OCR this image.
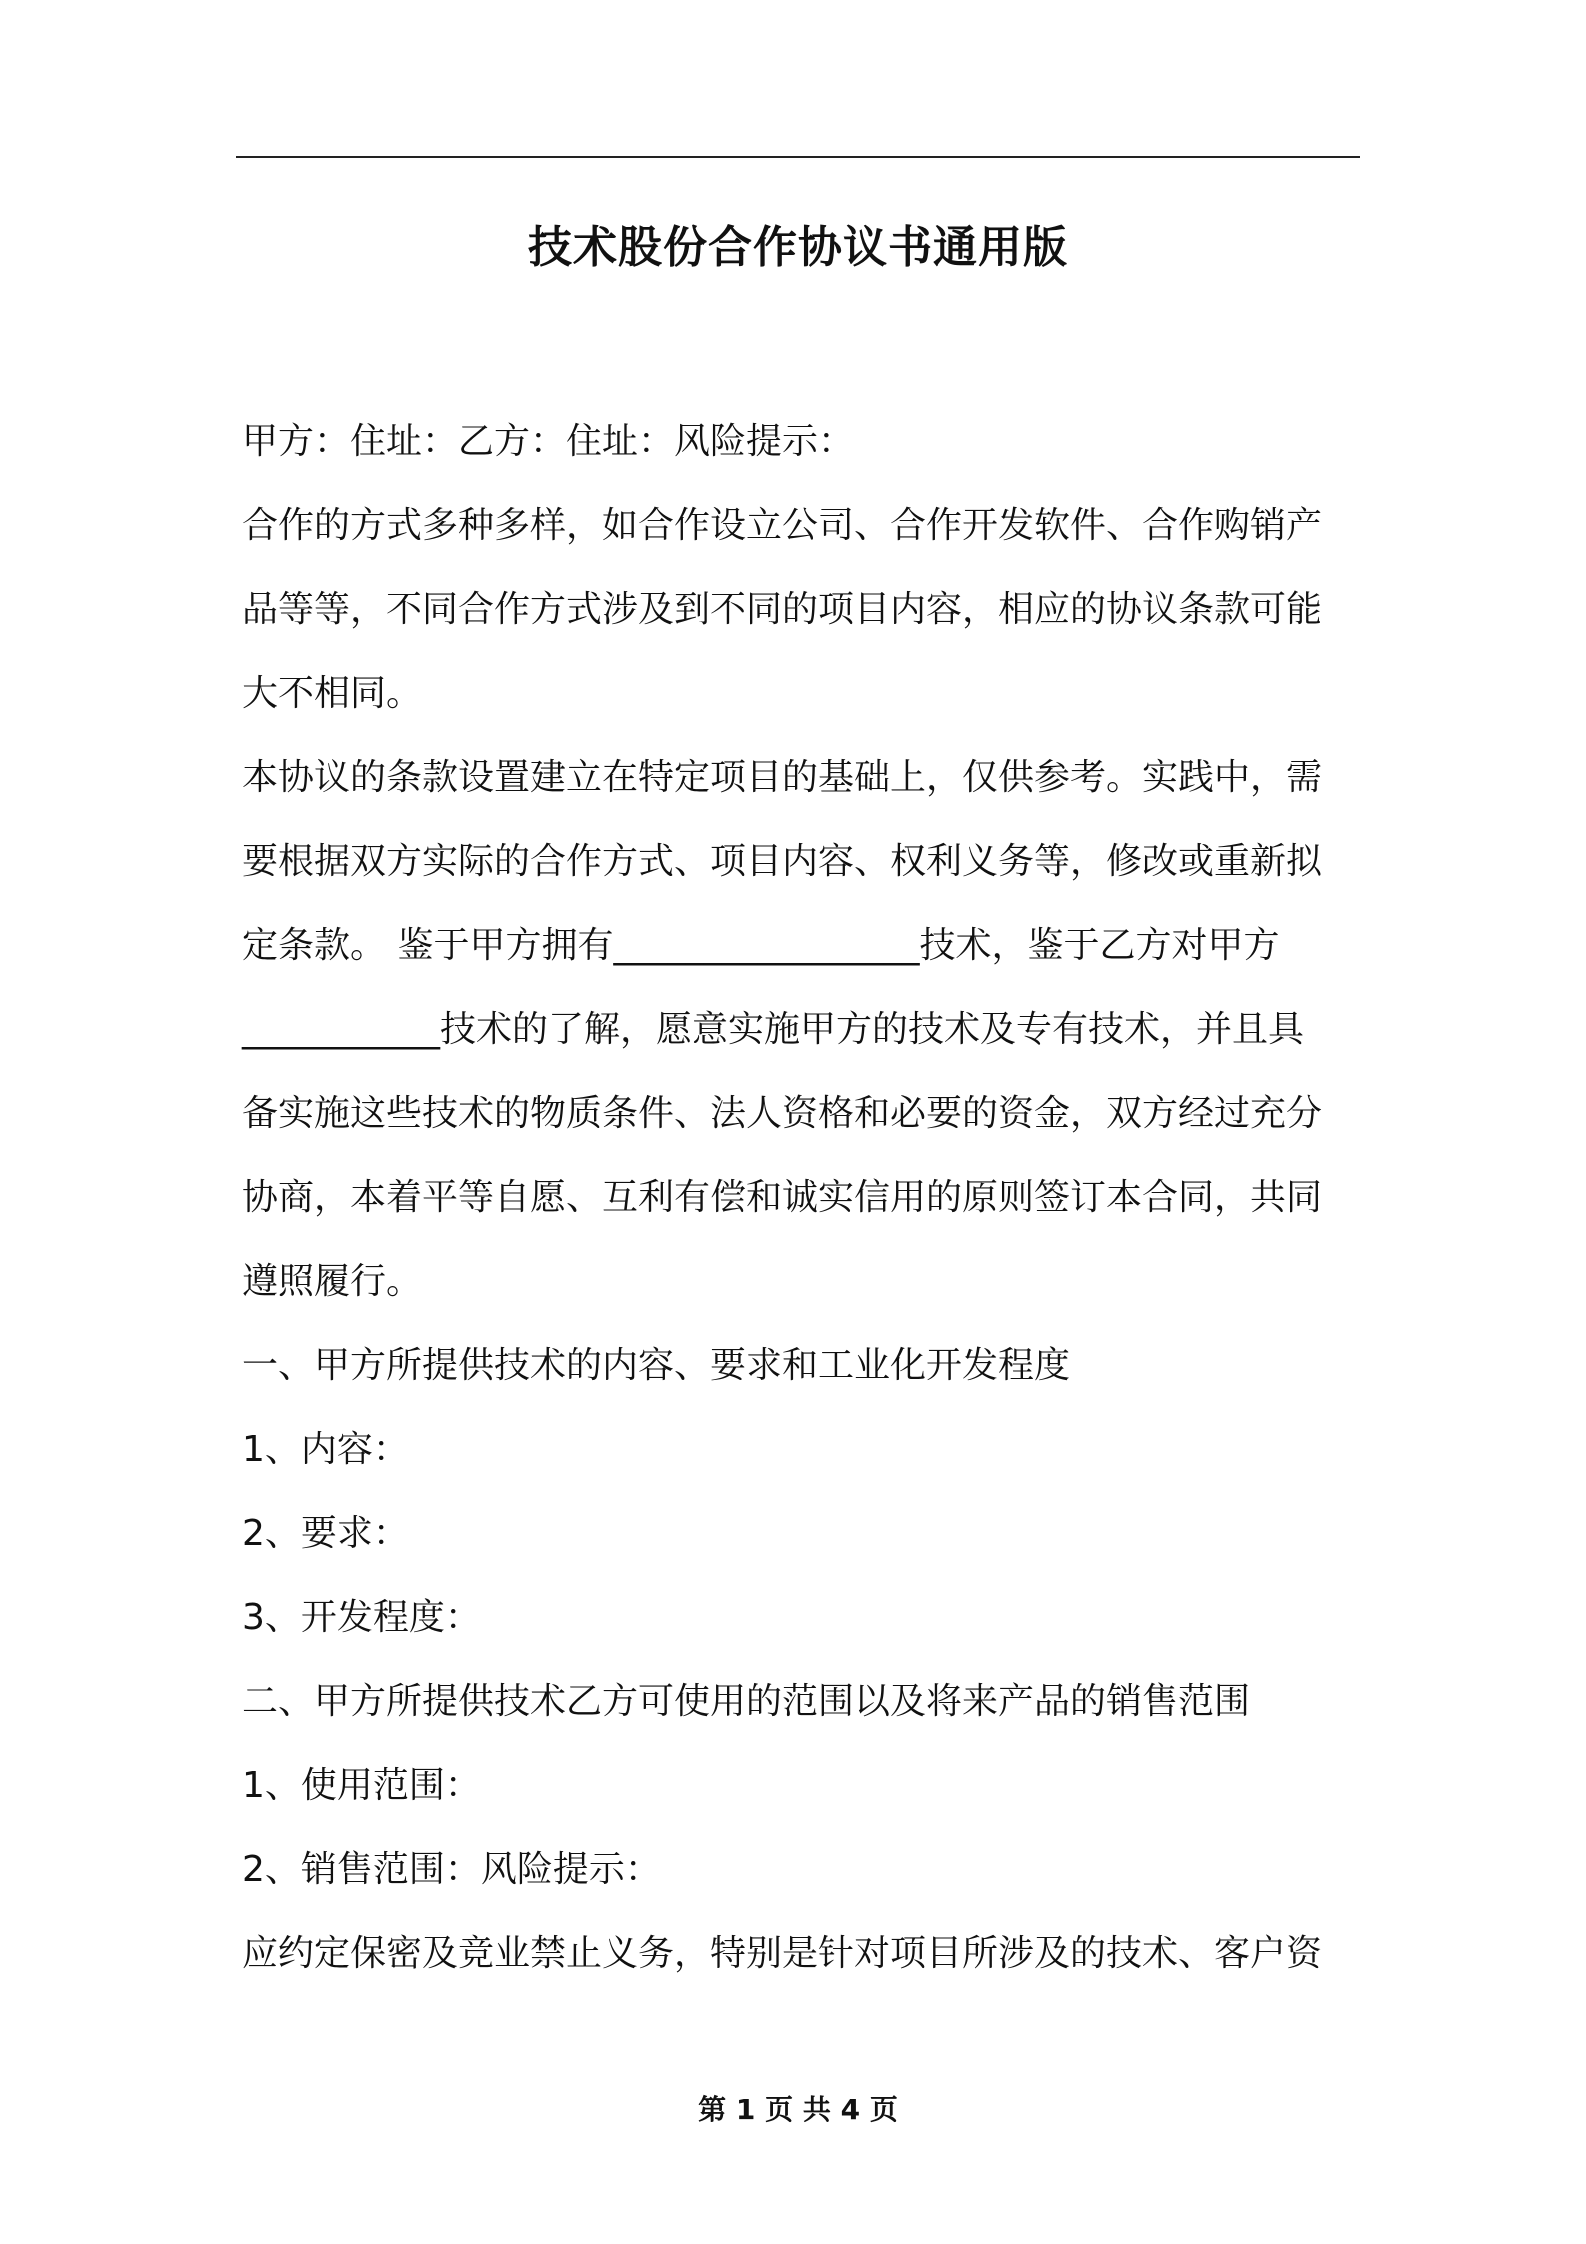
技术股份合作协议书通用版

甲方：住址：乙方：住址：风险提示：

合作的方式多种多样，如合作设立公司、合作开发软件、合作购销产

品等等，不同合作方式涉及到不同的项目内容，相应的协议条款可能

大不相同。

本协议的条款设置建立在特定项目的基础上，仅供参考。实践中，需

要根据双方实际的合作方式、项目内容、权利义务等，修改或重新拟

定条款。 鉴于甲方拥有_________________技术，鉴于乙方对甲方

___________技术的了解，愿意实施甲方的技术及专有技术，并且具

备实施这些技术的物质条件、法人资格和必要的资金，双方经过充分

协商，本着平等自愿、互利有偿和诚实信用的原则签订本合同，共同

遵照履行。

一、甲方所提供技术的内容、要求和工业化开发程度

1、内容：

2、要求：

3、开发程度：

二、甲方所提供技术乙方可使用的范围以及将来产品的销售范围

1、使用范围：

2、销售范围：风险提示：

应约定保密及竞业禁止义务，特别是针对项目所涉及的技术、客户资

第 1 页 共 4 页
